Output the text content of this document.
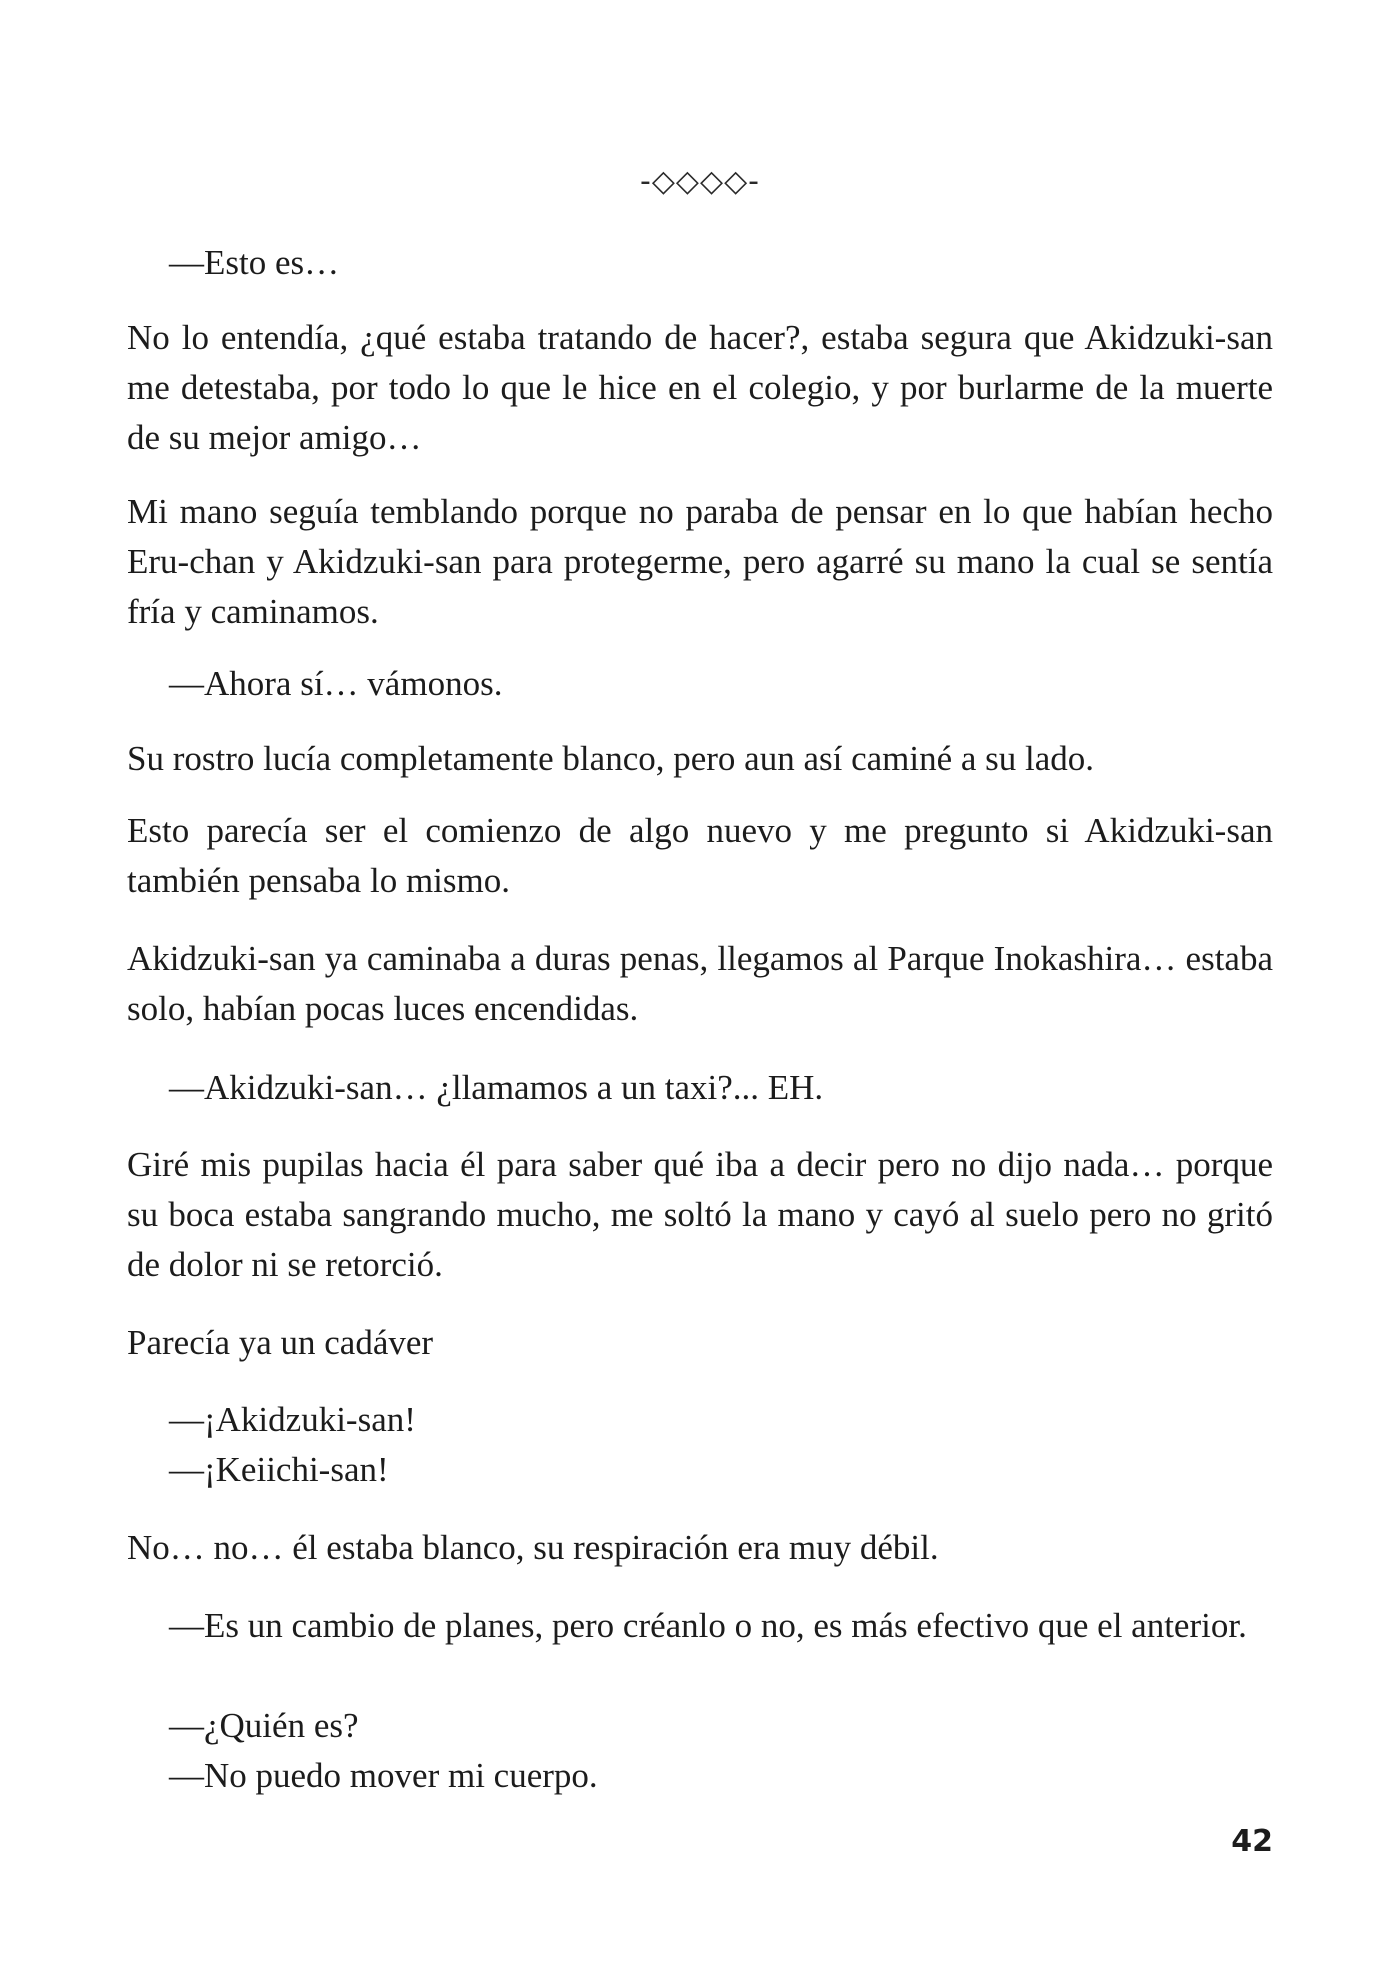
-◇◇◇◇-
—Esto es…
No lo entendía, ¿qué estaba tratando de hacer?, estaba segura que Akidzuki-san me detestaba, por todo lo que le hice en el colegio, y por burlarme de la muerte de su mejor amigo…
Mi mano seguía temblando porque no paraba de pensar en lo que habían hecho Eru-chan y Akidzuki-san para protegerme, pero agarré su mano la cual se sentía fría y caminamos.
—Ahora sí… vámonos.
Su rostro lucía completamente blanco, pero aun así caminé a su lado.
Esto parecía ser el comienzo de algo nuevo y me pregunto si Akidzuki-san también pensaba lo mismo.
Akidzuki-san ya caminaba a duras penas, llegamos al Parque Inokashira… estaba solo, habían pocas luces encendidas.
—Akidzuki-san… ¿llamamos a un taxi?... EH.
Giré mis pupilas hacia él para saber qué iba a decir pero no dijo nada… porque su boca estaba sangrando mucho, me soltó la mano y cayó al suelo pero no gritó de dolor ni se retorció.
Parecía ya un cadáver
—¡Akidzuki-san!
—¡Keiichi-san!
No… no… él estaba blanco, su respiración era muy débil.
—Es un cambio de planes, pero créanlo o no, es más efectivo que el anterior.
—¿Quién es?
—No puedo mover mi cuerpo.
42
